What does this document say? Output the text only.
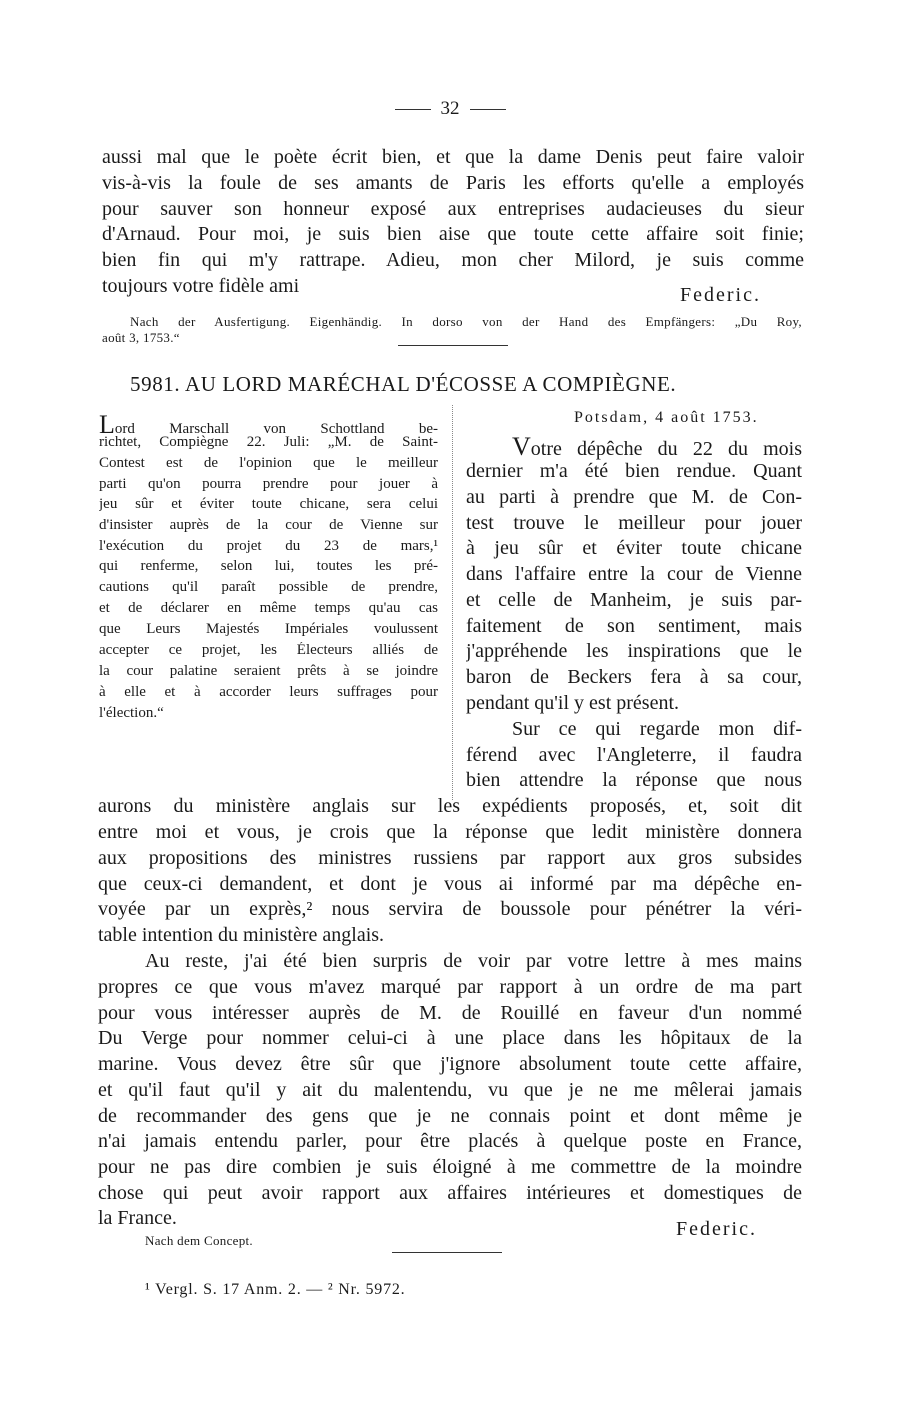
32
aussi mal que le poète écrit bien, et que la dame Denis peut faire valoir
vis-à-vis la foule de ses amants de Paris les efforts qu'elle a employés
pour sauver son honneur exposé aux entreprises audacieuses du sieur
d'Arnaud. Pour moi, je suis bien aise que toute cette affaire soit finie;
bien fin qui m'y rattrape. Adieu, mon cher Milord, je suis comme
toujours votre fidèle ami	Federic.
Nach der Ausfertigung. Eigenhändig. In dorso von der Hand des Empfängers: „Du Roy,
août 3, 1753.“
5981. AU LORD MARÉCHAL D'ÉCOSSE A COMPIÈGNE.
Lord Marschall von Schottland be-
richtet, Compiègne 22. Juli: „M. de Saint-
Contest est de l'opinion que le meilleur
parti qu'on pourra prendre pour jouer à
jeu sûr et éviter toute chicane, sera celui
d'insister auprès de la cour de Vienne sur
l'exécution du projet du 23 de mars,¹
qui renferme, selon lui, toutes les pré-
cautions qu'il paraît possible de prendre,
et de déclarer en même temps qu'au cas
que Leurs Majestés Impériales voulussent
accepter ce projet, les Électeurs alliés de
la cour palatine seraient prêts à se joindre
à elle et à accorder leurs suffrages pour
l'élection.“
Potsdam, 4 août 1753.
Votre dépêche du 22 du mois
dernier m'a été bien rendue. Quant
au parti à prendre que M. de Con-
test trouve le meilleur pour jouer
à jeu sûr et éviter toute chicane
dans l'affaire entre la cour de Vienne
et celle de Manheim, je suis par-
faitement de son sentiment, mais
j'appréhende les inspirations que le
baron de Beckers fera à sa cour,
pendant qu'il y est présent.
Sur ce qui regarde mon dif-
férend avec l'Angleterre, il faudra
bien attendre la réponse que nous
aurons du ministère anglais sur les expédients proposés, et, soit dit
entre moi et vous, je crois que la réponse que ledit ministère donnera
aux propositions des ministres russiens par rapport aux gros subsides
que ceux-ci demandent, et dont je vous ai informé par ma dépêche en-
voyée par un exprès,² nous servira de boussole pour pénétrer la véri-
table intention du ministère anglais.
Au reste, j'ai été bien surpris de voir par votre lettre à mes mains
propres ce que vous m'avez marqué par rapport à un ordre de ma part
pour vous intéresser auprès de M. de Rouillé en faveur d'un nommé
Du Verge pour nommer celui-ci à une place dans les hôpitaux de la
marine. Vous devez être sûr que j'ignore absolument toute cette affaire,
et qu'il faut qu'il y ait du malentendu, vu que je ne me mêlerai jamais
de recommander des gens que je ne connais point et dont même je
n'ai jamais entendu parler, pour être placés à quelque poste en France,
pour ne pas dire combien je suis éloigné à me commettre de la moindre
chose qui peut avoir rapport aux affaires intérieures et domestiques de
la France.	Federic.
Nach dem Concept.
¹ Vergl. S. 17 Anm. 2. — ² Nr. 5972.
